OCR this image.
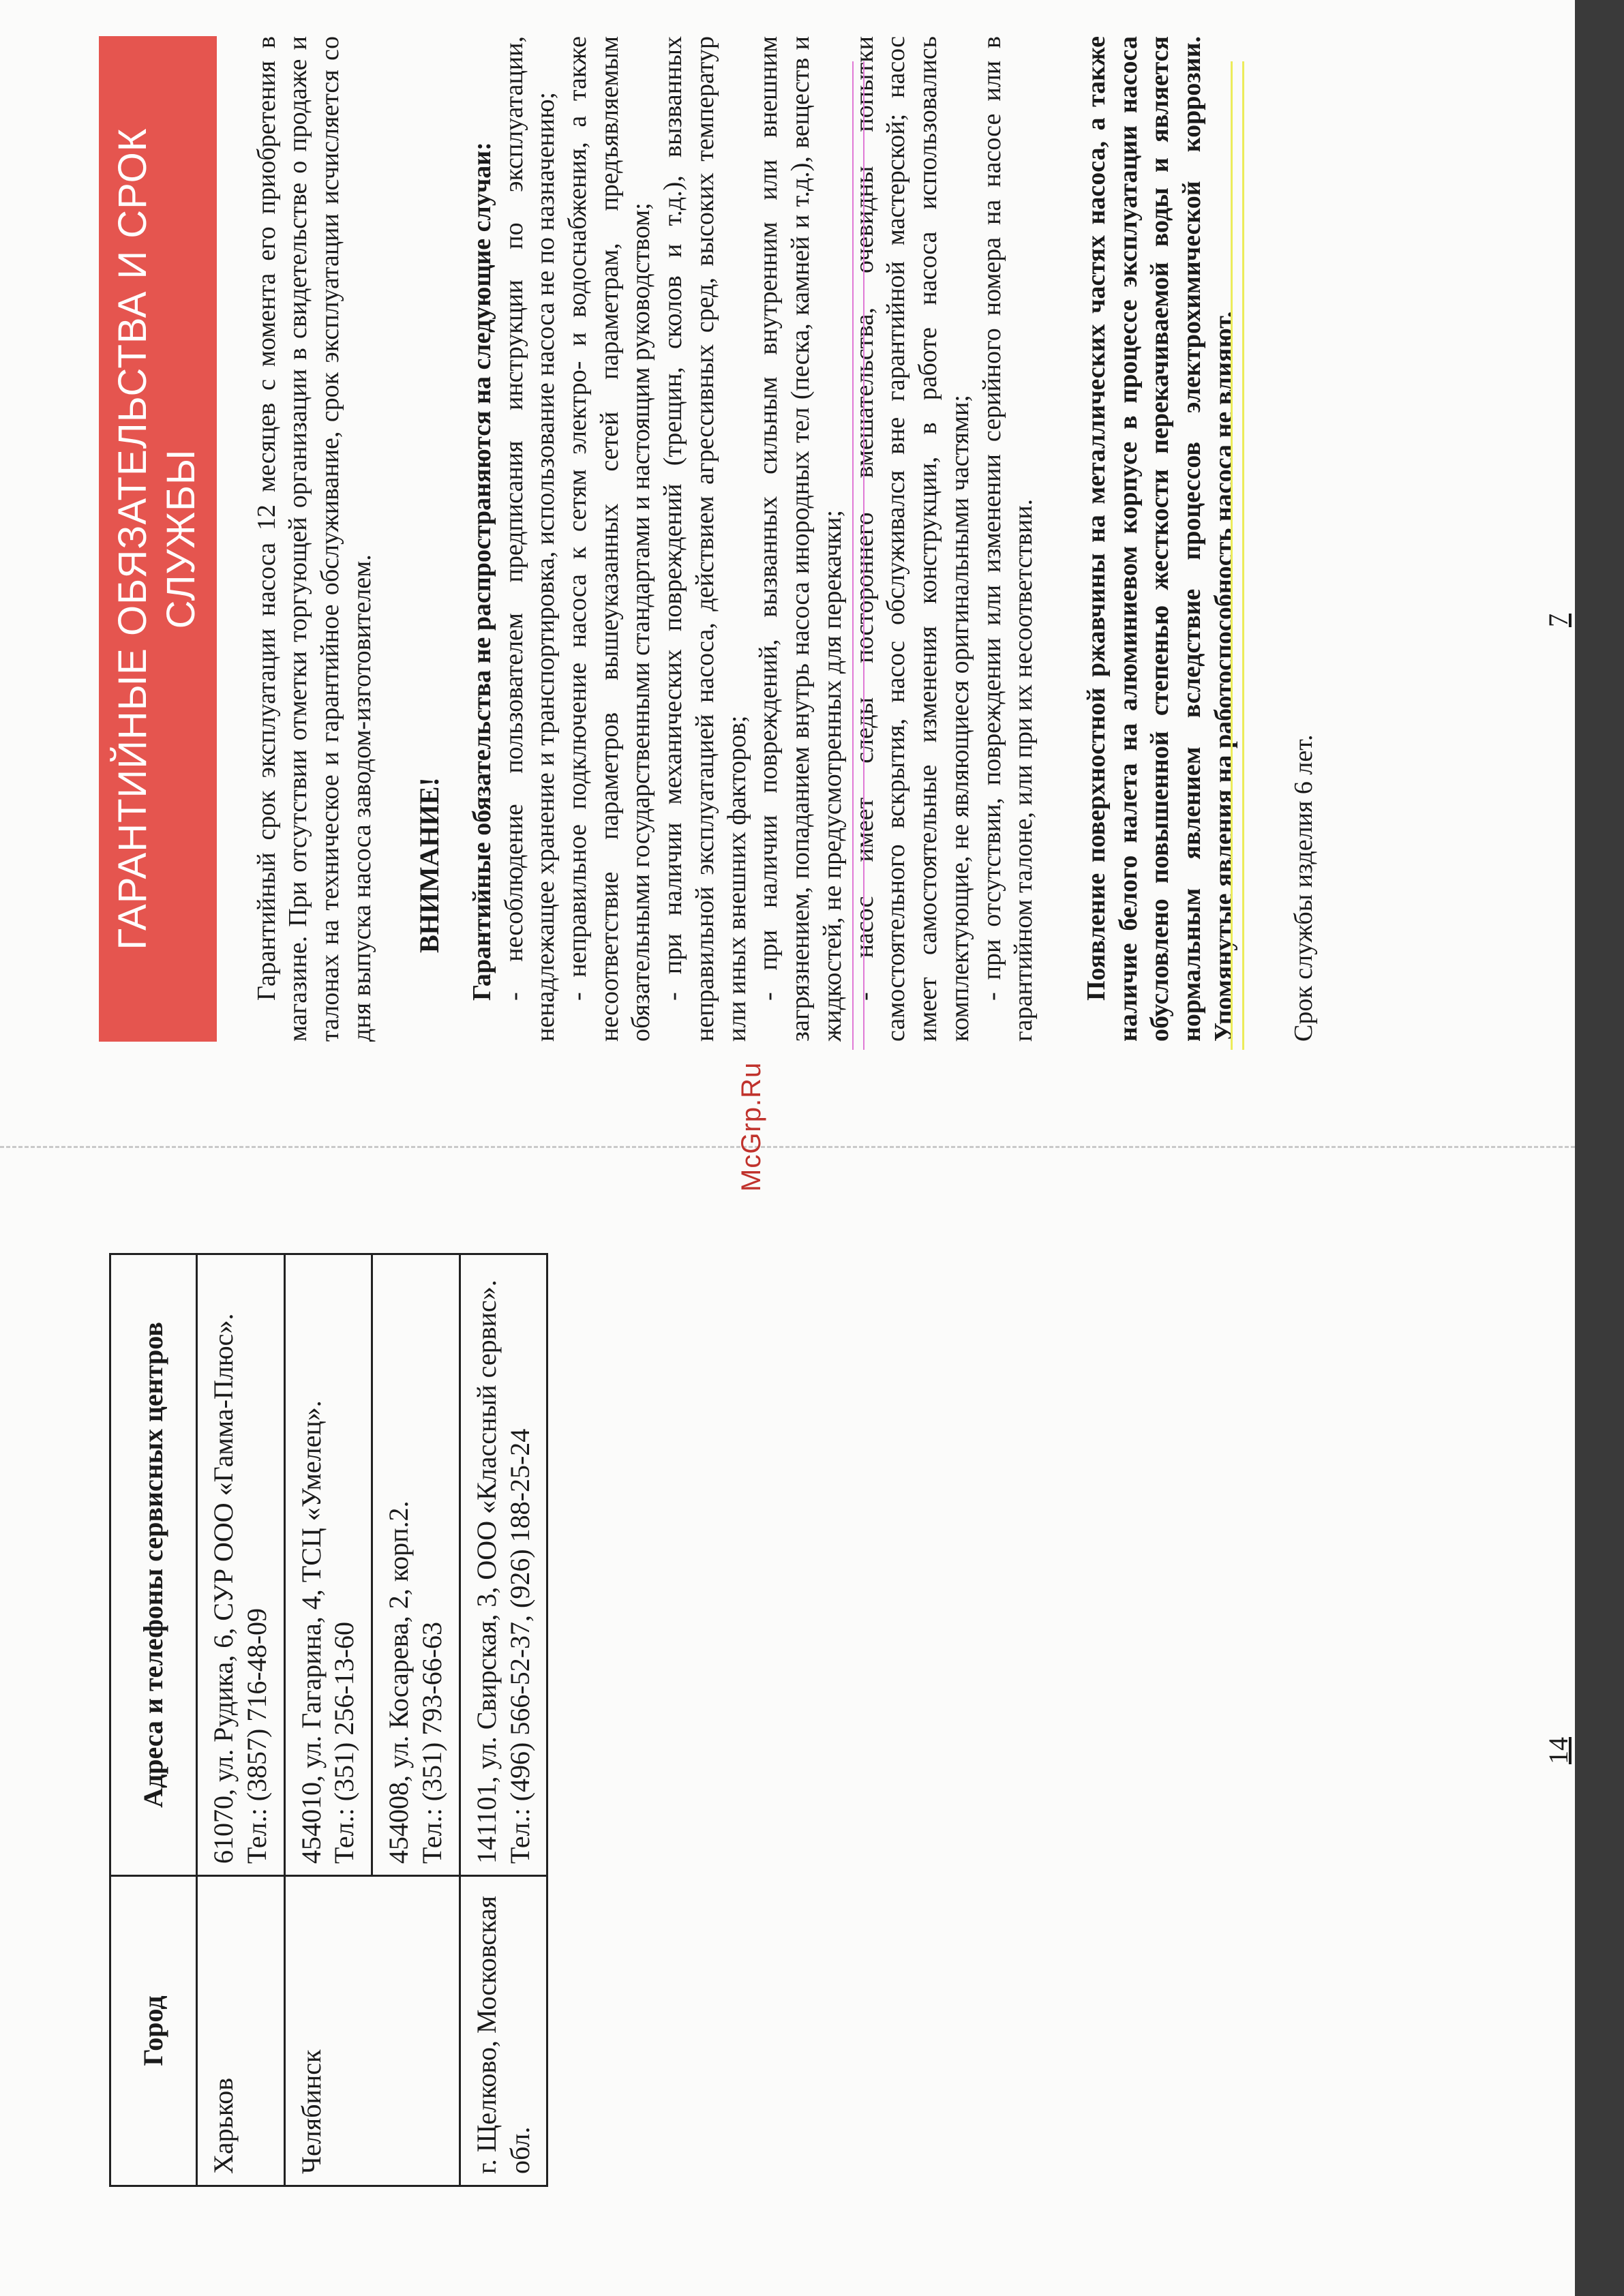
Город	Адреса и телефоны сервисных центров
Харьков	61070, ул. Рудика, 6, СУР ООО «Гамма-Плюс». Тел.: (3857) 716-48-09

Челябинск	454010, ул. Гагарина, 4, ТСЦ «Умелец». Тел.: (351) 256-13-60

	454008, ул. Косарева, 2, корп.2. Тел.: (351) 793-66-63

г. Щелково, Московская обл.	141101, ул. Свирская, 3, ООО «Классный сервис». Тел.: (496) 566-52-37, (926) 188-25-24	14
McGrp.Ru
ГАРАНТИЙНЫЕ ОБЯЗАТЕЛЬСТВА И СРОК СЛУЖБЫ	Гарантийный срок эксплуатации насоса 12 месяцев с момента его приобретения в магазине. При отсутствии отметки торгующей организации в свидетельстве о продаже и талонах на техническое и гарантийное обслуживание, срок эксплуатации исчисляется со дня выпуска насоса заводом-изготовителем. ВНИМАНИЕ! Гарантийные обязательства не распространяются на следующие случаи: - несоблюдение пользователем предписания инструкции по эксплуатации, ненадлежащее хранение и транспортировка, использование насоса не по назначению; - неправильное подключение насоса к сетям электро- и водоснабжения, а также несоответствие параметров вышеуказанных сетей параметрам, предъявляемым обязательными государственными стандартами и настоящим руководством; - при наличии механических повреждений (трещин, сколов и т.д.), вызванных неправильной эксплуатацией насоса, действием агрессивных сред, высоких температур или иных внешних факторов; - при наличии повреждений, вызванных сильным внутренним или внешним загрязнением, попаданием внутрь насоса инородных тел (песка, камней и т.д.), веществ и жидкостей, не предусмотренных для перекачки; - насос имеет следы постороннего вмешательства, очевидны попытки самостоятельного вскрытия, насос обслуживался вне гарантийной мастерской; насос имеет самостоятельные изменения конструкции, в работе насоса использовались комплектующие, не являющиеся оригинальными частями; - при отсутствии, повреждении или изменении серийного номера на насосе или в гарантийном талоне, или при их несоответствии. Появление поверхностной ржавчины на металлических частях насоса, а также наличие белого налета на алюминиевом корпусе в процессе эксплуатации насоса обусловлено повышенной степенью жесткости перекачиваемой воды и является нормальным явлением вследствие процессов электрохимической коррозии. Упомянутые явления на работоспособность насоса не влияют. Срок службы изделия 6 лет.

7
